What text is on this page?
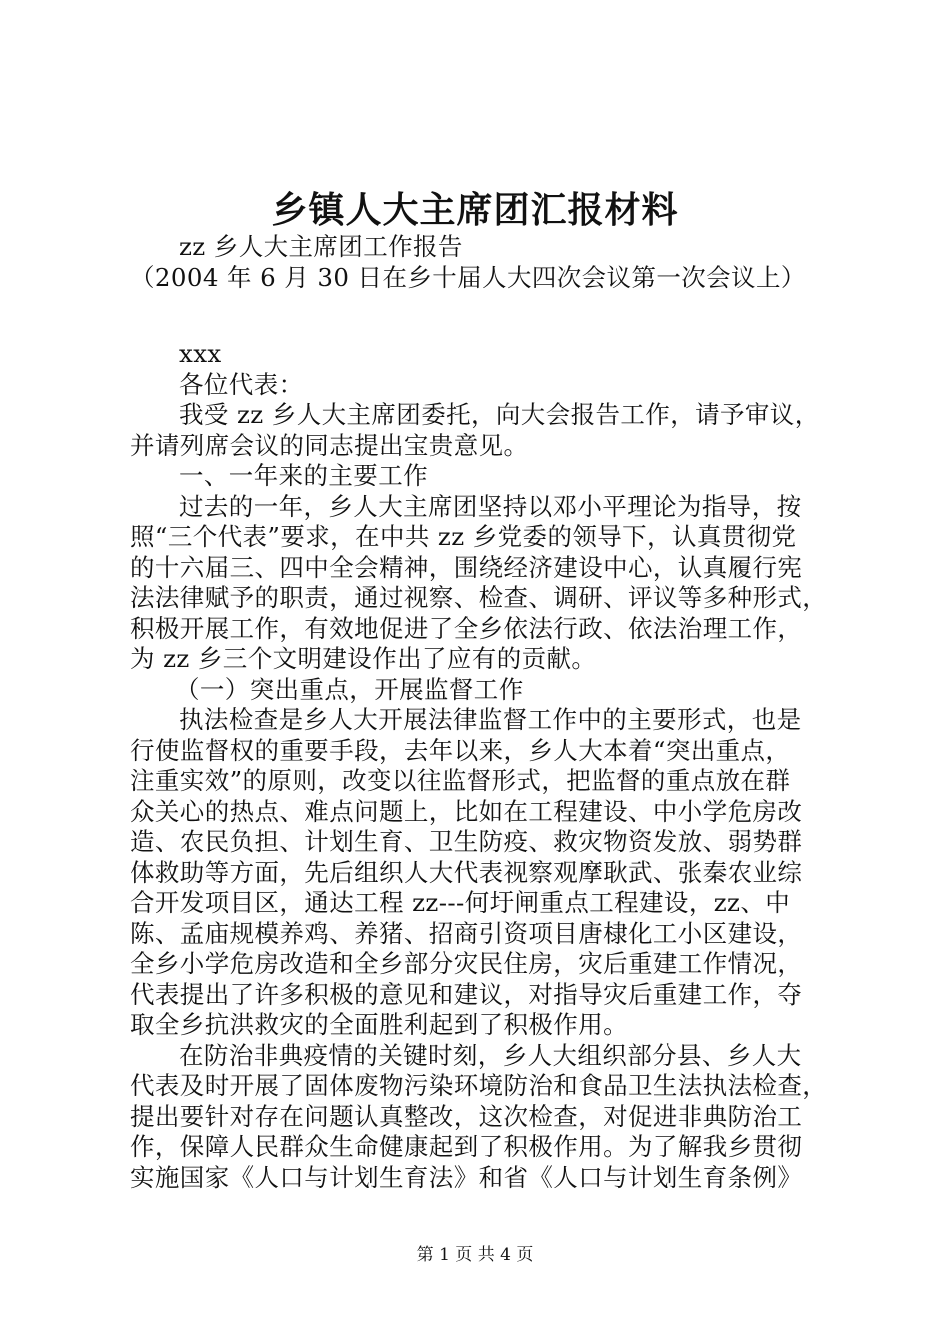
乡镇人大主席团汇报材料
zz 乡人大主席团工作报告
（2004 年 6 月 30 日在乡十届人大四次会议第一次会议上）
xxx
各位代表：
我受 zz 乡人大主席团委托，向大会报告工作，请予审议，
并请列席会议的同志提出宝贵意见。
一、一年来的主要工作
过去的一年，乡人大主席团坚持以邓小平理论为指导，按
照“三个代表”要求，在中共 zz 乡党委的领导下，认真贯彻党
的十六届三、四中全会精神，围绕经济建设中心，认真履行宪
法法律赋予的职责，通过视察、检查、调研、评议等多种形式，
积极开展工作，有效地促进了全乡依法行政、依法治理工作，
为 zz 乡三个文明建设作出了应有的贡献。
（一）突出重点，开展监督工作
执法检查是乡人大开展法律监督工作中的主要形式，也是
行使监督权的重要手段，去年以来，乡人大本着“突出重点，
注重实效”的原则，改变以往监督形式，把监督的重点放在群
众关心的热点、难点问题上，比如在工程建设、中小学危房改
造、农民负担、计划生育、卫生防疫、救灾物资发放、弱势群
体救助等方面，先后组织人大代表视察观摩耿武、张秦农业综
合开发项目区，通达工程 zz---何圩闸重点工程建设，zz、中
陈、孟庙规模养鸡、养猪、招商引资项目唐棣化工小区建设，
全乡小学危房改造和全乡部分灾民住房，灾后重建工作情况，
代表提出了许多积极的意见和建议，对指导灾后重建工作，夺
取全乡抗洪救灾的全面胜利起到了积极作用。
在防治非典疫情的关键时刻，乡人大组织部分县、乡人大
代表及时开展了固体废物污染环境防治和食品卫生法执法检查，
提出要针对存在问题认真整改，这次检查，对促进非典防治工
作，保障人民群众生命健康起到了积极作用。为了解我乡贯彻
实施国家《人口与计划生育法》和省《人口与计划生育条例》
第 1 页 共 4 页
